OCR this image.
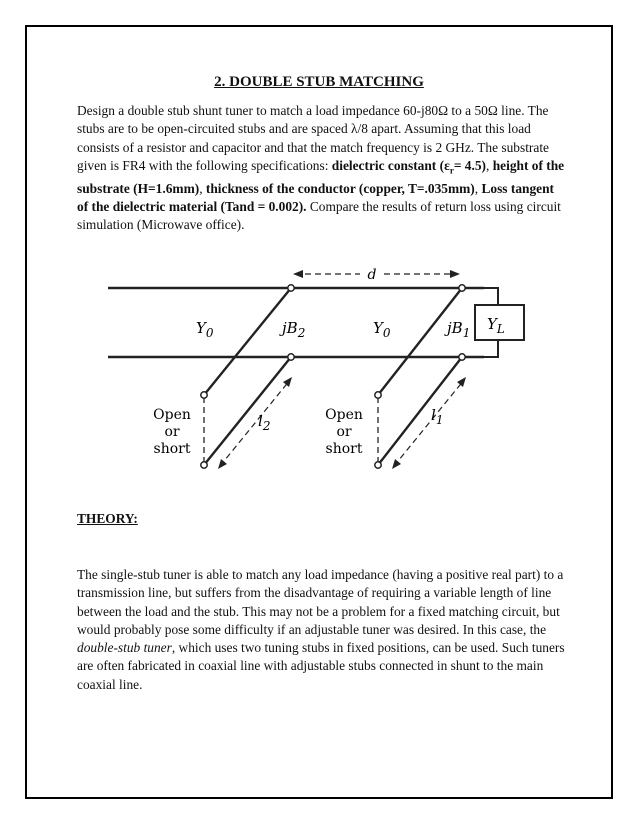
2. DOUBLE STUB MATCHING
Design a double stub shunt tuner to match a load impedance 60-j80Ω to a 50Ω line. The stubs are to be open-circuited stubs and are spaced λ/8 apart. Assuming that this load consists of a resistor and capacitor and that the match frequency is 2 GHz. The substrate given is FR4 with the following specifications: dielectric constant $(\varepsilon_r= 4.5)$, height of the substrate (H=1.6mm), thickness of the conductor (copper, T=.035mm), Loss tangent of the dielectric material (Tand = 0.002). Compare the results of return loss using circuit simulation (Microwave office).
d
$Y_0$	$jB_2$	$Y_0$	$jB_1$ $Y_L$
Open
or
short
Open
or
short
$l_2$
$l_1$
THEORY:
The single-stub tuner is able to match any load impedance (having a positive real part) to a transmission line, but suffers from the disadvantage of requiring a variable length of line between the load and the stub. This may not be a problem for a fixed matching circuit, but would probably pose some difficulty if an adjustable tuner was desired. In this case, the double-stub tuner, which uses two tuning stubs in fixed positions, can be used. Such tuners are often fabricated in coaxial line with adjustable stubs connected in shunt to the main coaxial line.
